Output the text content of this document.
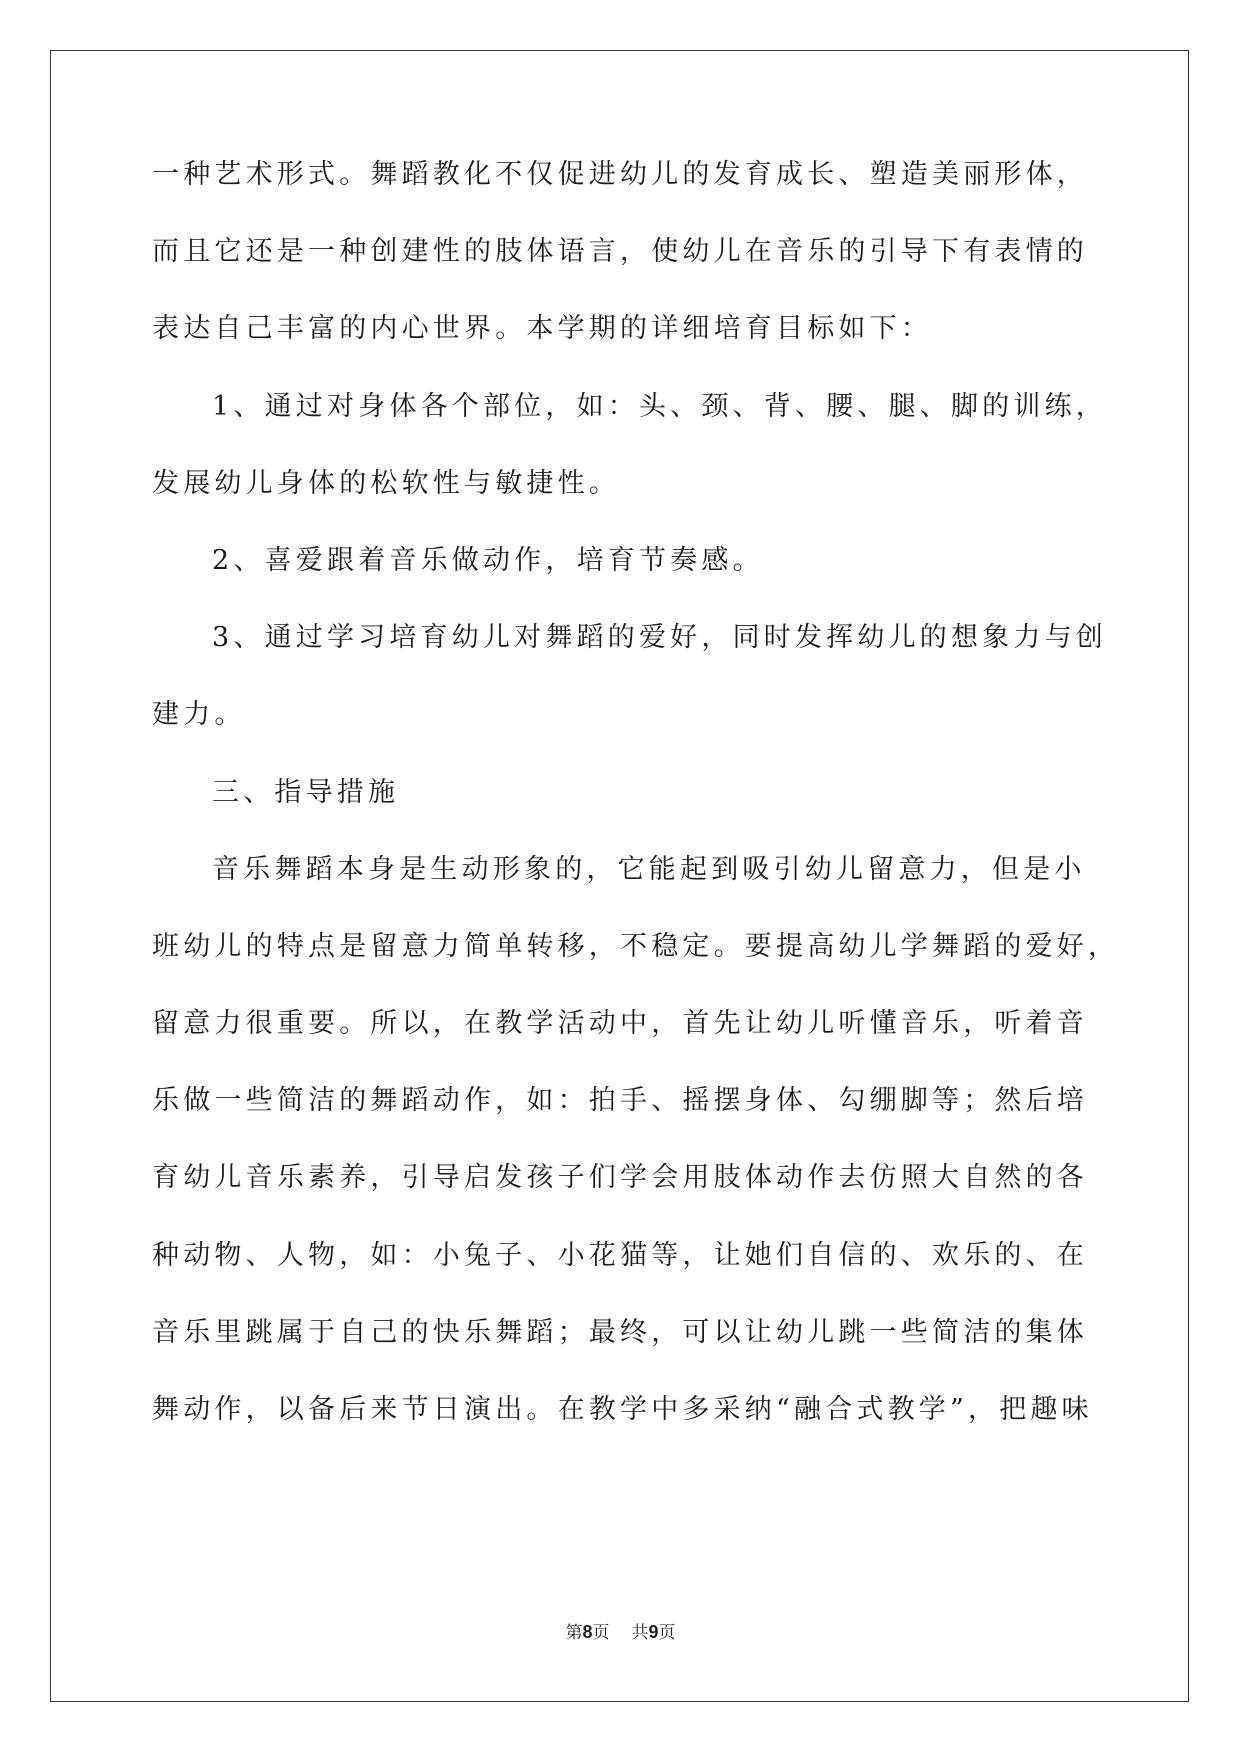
一种艺术形式。舞蹈教化不仅促进幼儿的发育成长、塑造美丽形体，
而且它还是一种创建性的肢体语言，使幼儿在音乐的引导下有表情的
表达自己丰富的内心世界。本学期的详细培育目标如下：
1、通过对身体各个部位，如：头、颈、背、腰、腿、脚的训练，
发展幼儿身体的松软性与敏捷性。
2、喜爱跟着音乐做动作，培育节奏感。
3、通过学习培育幼儿对舞蹈的爱好，同时发挥幼儿的想象力与创
建力。
三、指导措施
音乐舞蹈本身是生动形象的，它能起到吸引幼儿留意力，但是小
班幼儿的特点是留意力简单转移，不稳定。要提高幼儿学舞蹈的爱好，
留意力很重要。所以，在教学活动中，首先让幼儿听懂音乐，听着音
乐做一些简洁的舞蹈动作，如：拍手、摇摆身体、勾绷脚等；然后培
育幼儿音乐素养，引导启发孩子们学会用肢体动作去仿照大自然的各
种动物、人物，如：小兔子、小花猫等，让她们自信的、欢乐的、在
音乐里跳属于自己的快乐舞蹈；最终，可以让幼儿跳一些简洁的集体
舞动作，以备后来节日演出。在教学中多采纳“融合式教学”，把趣味
第8页 共9页
